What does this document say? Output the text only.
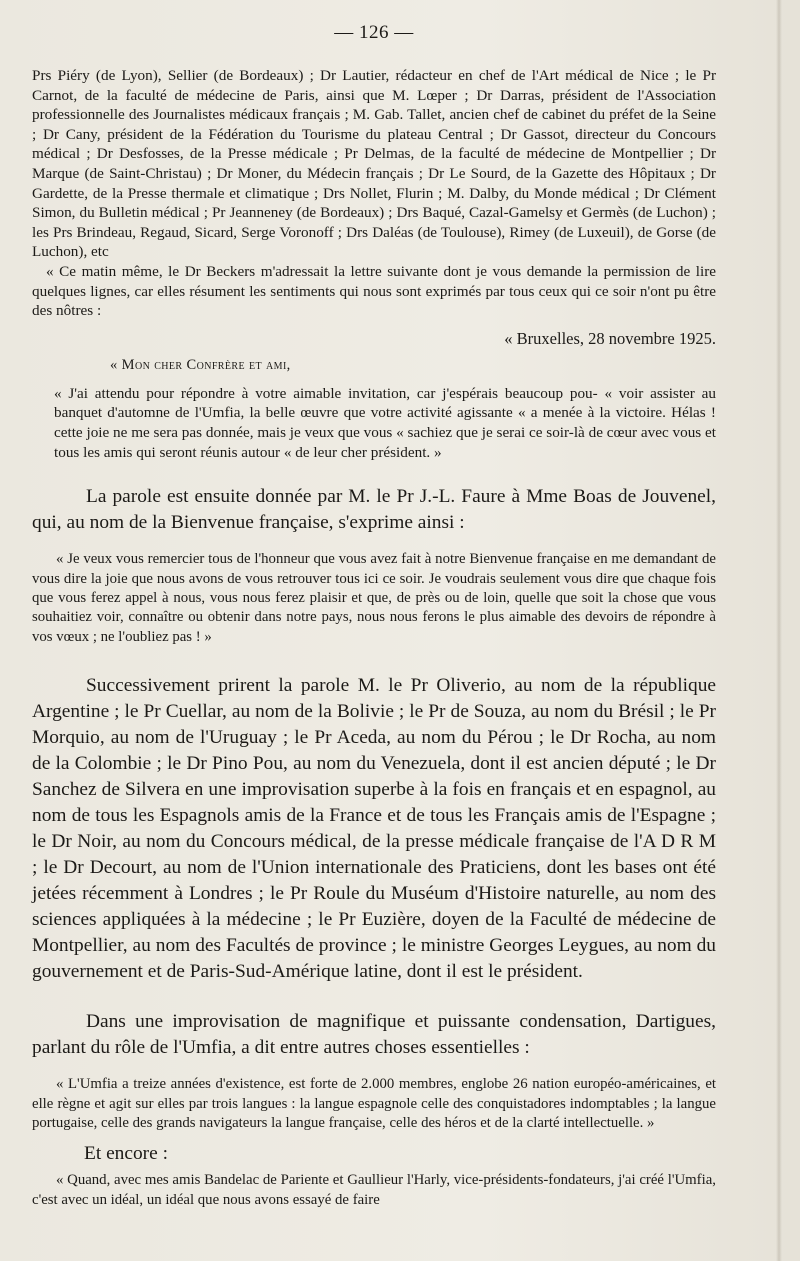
— 126 —

Prs Piéry (de Lyon), Sellier (de Bordeaux) ; Dr Lautier, rédacteur en chef de l'Art médical de Nice ; le Pr Carnot, de la faculté de médecine de Paris, ainsi que M. Lœper ; Dr Darras, président de l'Association professionnelle des Journalistes médicaux français ; M. Gab. Tallet, ancien chef de cabinet du préfet de la Seine ; Dr Cany, président de la Fédération du Tourisme du plateau Central ; Dr Gassot, directeur du Concours médical ; Dr Desfosses, de la Presse médicale ; Pr Delmas, de la faculté de médecine de Montpellier ; Dr Marque (de Saint-Christau) ; Dr Moner, du Médecin français ; Dr Le Sourd, de la Gazette des Hôpitaux ; Dr Gardette, de la Presse thermale et climatique ; Drs Nollet, Flurin ; M. Dalby, du Monde médical ; Dr Clément Simon, du Bulletin médical ; Pr Jeanneney (de Bordeaux) ; Drs Baqué, Cazal-Gamelsy et Germès (de Luchon) ; les Prs Brindeau, Regaud, Sicard, Serge Voronoff ; Drs Daléas (de Toulouse), Rimey (de Luxeuil), de Gorse (de Luchon), etc

« Ce matin même, le Dr Beckers m'adressait la lettre suivante dont je vous demande la permission de lire quelques lignes, car elles résument les sentiments qui nous sont exprimés par tous ceux qui ce soir n'ont pu être des nôtres :

« Bruxelles, 28 novembre 1925.
« Mon cher Confrère et ami,

« J'ai attendu pour répondre à votre aimable invitation, car j'espérais beaucoup pou- « voir assister au banquet d'automne de l'Umfia, la belle œuvre que votre activité agissante « a menée à la victoire. Hélas ! cette joie ne me sera pas donnée, mais je veux que vous « sachiez que je serai ce soir-là de cœur avec vous et tous les amis qui seront réunis autour « de leur cher président. »

La parole est ensuite donnée par M. le Pr J.-L. Faure à Mme Boas de Jouvenel, qui, au nom de la Bienvenue française, s'exprime ainsi :

« Je veux vous remercier tous de l'honneur que vous avez fait à notre Bienvenue française en me demandant de vous dire la joie que nous avons de vous retrouver tous ici ce soir. Je voudrais seulement vous dire que chaque fois que vous ferez appel à nous, vous nous ferez plaisir et que, de près ou de loin, quelle que soit la chose que vous souhaitiez voir, connaître ou obtenir dans notre pays, nous nous ferons le plus aimable des devoirs de répondre à vos vœux ; ne l'oubliez pas ! »

Successivement prirent la parole M. le Pr Oliverio, au nom de la république Argentine ; le Pr Cuellar, au nom de la Bolivie ; le Pr de Souza, au nom du Brésil ; le Pr Morquio, au nom de l'Uruguay ; le Pr Aceda, au nom du Pérou ; le Dr Rocha, au nom de la Colombie ; le Dr Pino Pou, au nom du Venezuela, dont il est ancien député ; le Dr Sanchez de Silvera en une improvisation superbe à la fois en français et en espagnol, au nom de tous les Espagnols amis de la France et de tous les Français amis de l'Espagne ; le Dr Noir, au nom du Concours médical, de la presse médicale française de l'A D R M ; le Dr Decourt, au nom de l'Union internationale des Praticiens, dont les bases ont été jetées récemment à Londres ; le Pr Roule du Muséum d'Histoire naturelle, au nom des sciences appliquées à la médecine ; le Pr Euzière, doyen de la Faculté de médecine de Montpellier, au nom des Facultés de province ; le ministre Georges Leygues, au nom du gouvernement et de Paris-Sud-Amérique latine, dont il est le président.

Dans une improvisation de magnifique et puissante condensation, Dartigues, parlant du rôle de l'Umfia, a dit entre autres choses essentielles :

« L'Umfia a treize années d'existence, est forte de 2.000 membres, englobe 26 nation européo-américaines, et elle règne et agit sur elles par trois langues : la langue espagnole celle des conquistadores indomptables ; la langue portugaise, celle des grands navigateurs la langue française, celle des héros et de la clarté intellectuelle. »

Et encore :

« Quand, avec mes amis Bandelac de Pariente et Gaullieur l'Harly, vice-présidents-fondateurs, j'ai créé l'Umfia, c'est avec un idéal, un idéal que nous avons essayé de faire
